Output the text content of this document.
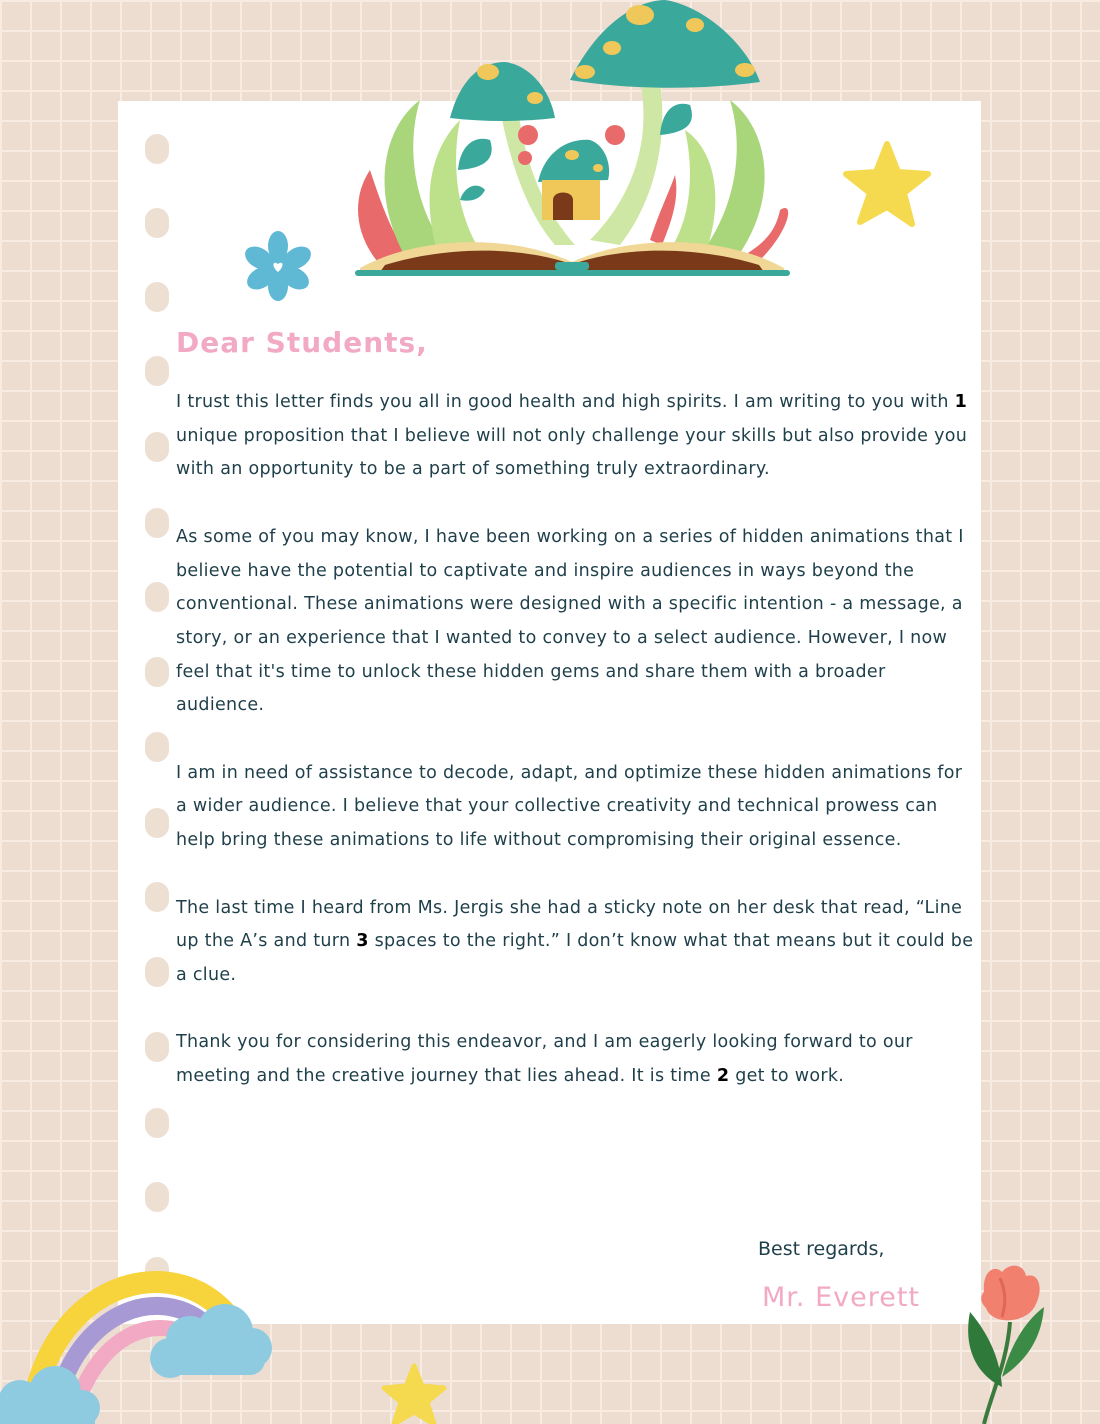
Dear Students,

I trust this letter finds you all in good health and high spirits. I am writing to you with 1 unique proposition that I believe will not only challenge your skills but also provide you with an opportunity to be a part of something truly extraordinary.

As some of you may know, I have been working on a series of hidden animations that I believe have the potential to captivate and inspire audiences in ways beyond the conventional. These animations were designed with a specific intention - a message, a story, or an experience that I wanted to convey to a select audience. However, I now feel that it's time to unlock these hidden gems and share them with a broader audience.

I am in need of assistance to decode, adapt, and optimize these hidden animations for a wider audience. I believe that your collective creativity and technical prowess can help bring these animations to life without compromising their original essence.

The last time I heard from Ms. Jergis she had a sticky note on her desk that read, “Line up the A’s and turn 3 spaces to the right.” I don’t know what that means but it could be a clue.

Thank you for considering this endeavor, and I am eagerly looking forward to our meeting and the creative journey that lies ahead. It is time 2 get to work.

Best regards,
Mr. Everett
